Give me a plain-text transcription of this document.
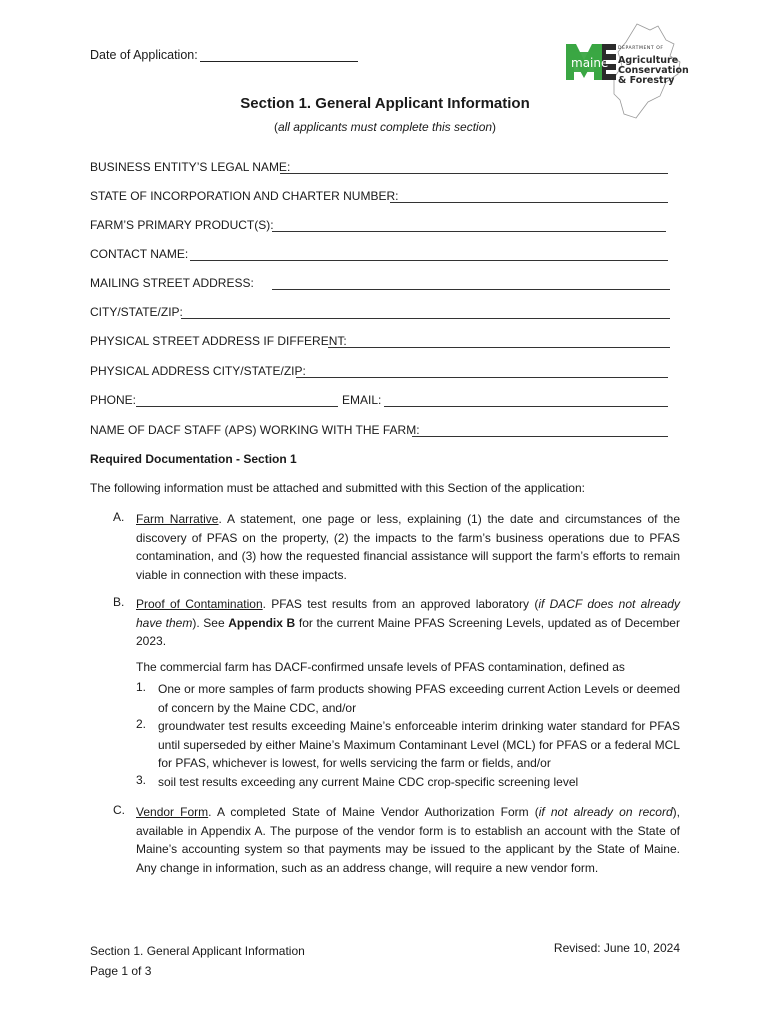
Date of Application:
maine
DEPARTMENT OF
Agriculture
Conservation
& Forestry
Section 1. General Applicant Information
(all applicants must complete this section)
BUSINESS ENTITY’S LEGAL NAME:
STATE OF INCORPORATION AND CHARTER NUMBER:
FARM’S PRIMARY PRODUCT(S):
CONTACT NAME:
MAILING STREET ADDRESS:
CITY/STATE/ZIP:
PHYSICAL STREET ADDRESS IF DIFFERENT:
PHYSICAL ADDRESS CITY/STATE/ZIP:
PHONE:	EMAIL:
NAME OF DACF STAFF (APS) WORKING WITH THE FARM:
Required Documentation - Section 1
The following information must be attached and submitted with this Section of the application:
A. Farm Narrative. A statement, one page or less, explaining (1) the date and circumstances of the discovery of PFAS on the property, (2) the impacts to the farm’s business operations due to PFAS contamination, and (3) how the requested financial assistance will support the farm’s efforts to remain viable in connection with these impacts.
B. Proof of Contamination. PFAS test results from an approved laboratory (if DACF does not already have them). See Appendix B for the current Maine PFAS Screening Levels, updated as of December 2023.
The commercial farm has DACF-confirmed unsafe levels of PFAS contamination, defined as
1. One or more samples of farm products showing PFAS exceeding current Action Levels or deemed of concern by the Maine CDC, and/or
2. groundwater test results exceeding Maine’s enforceable interim drinking water standard for PFAS until superseded by either Maine’s Maximum Contaminant Level (MCL) for PFAS or a federal MCL for PFAS, whichever is lowest, for wells servicing the farm or fields, and/or
3. soil test results exceeding any current Maine CDC crop-specific screening level
C. Vendor Form. A completed State of Maine Vendor Authorization Form (if not already on record), available in Appendix A. The purpose of the vendor form is to establish an account with the State of Maine’s accounting system so that payments may be issued to the applicant by the State of Maine. Any change in information, such as an address change, will require a new vendor form.
Section 1. General Applicant Information
Page 1 of 3
Revised: June 10, 2024
